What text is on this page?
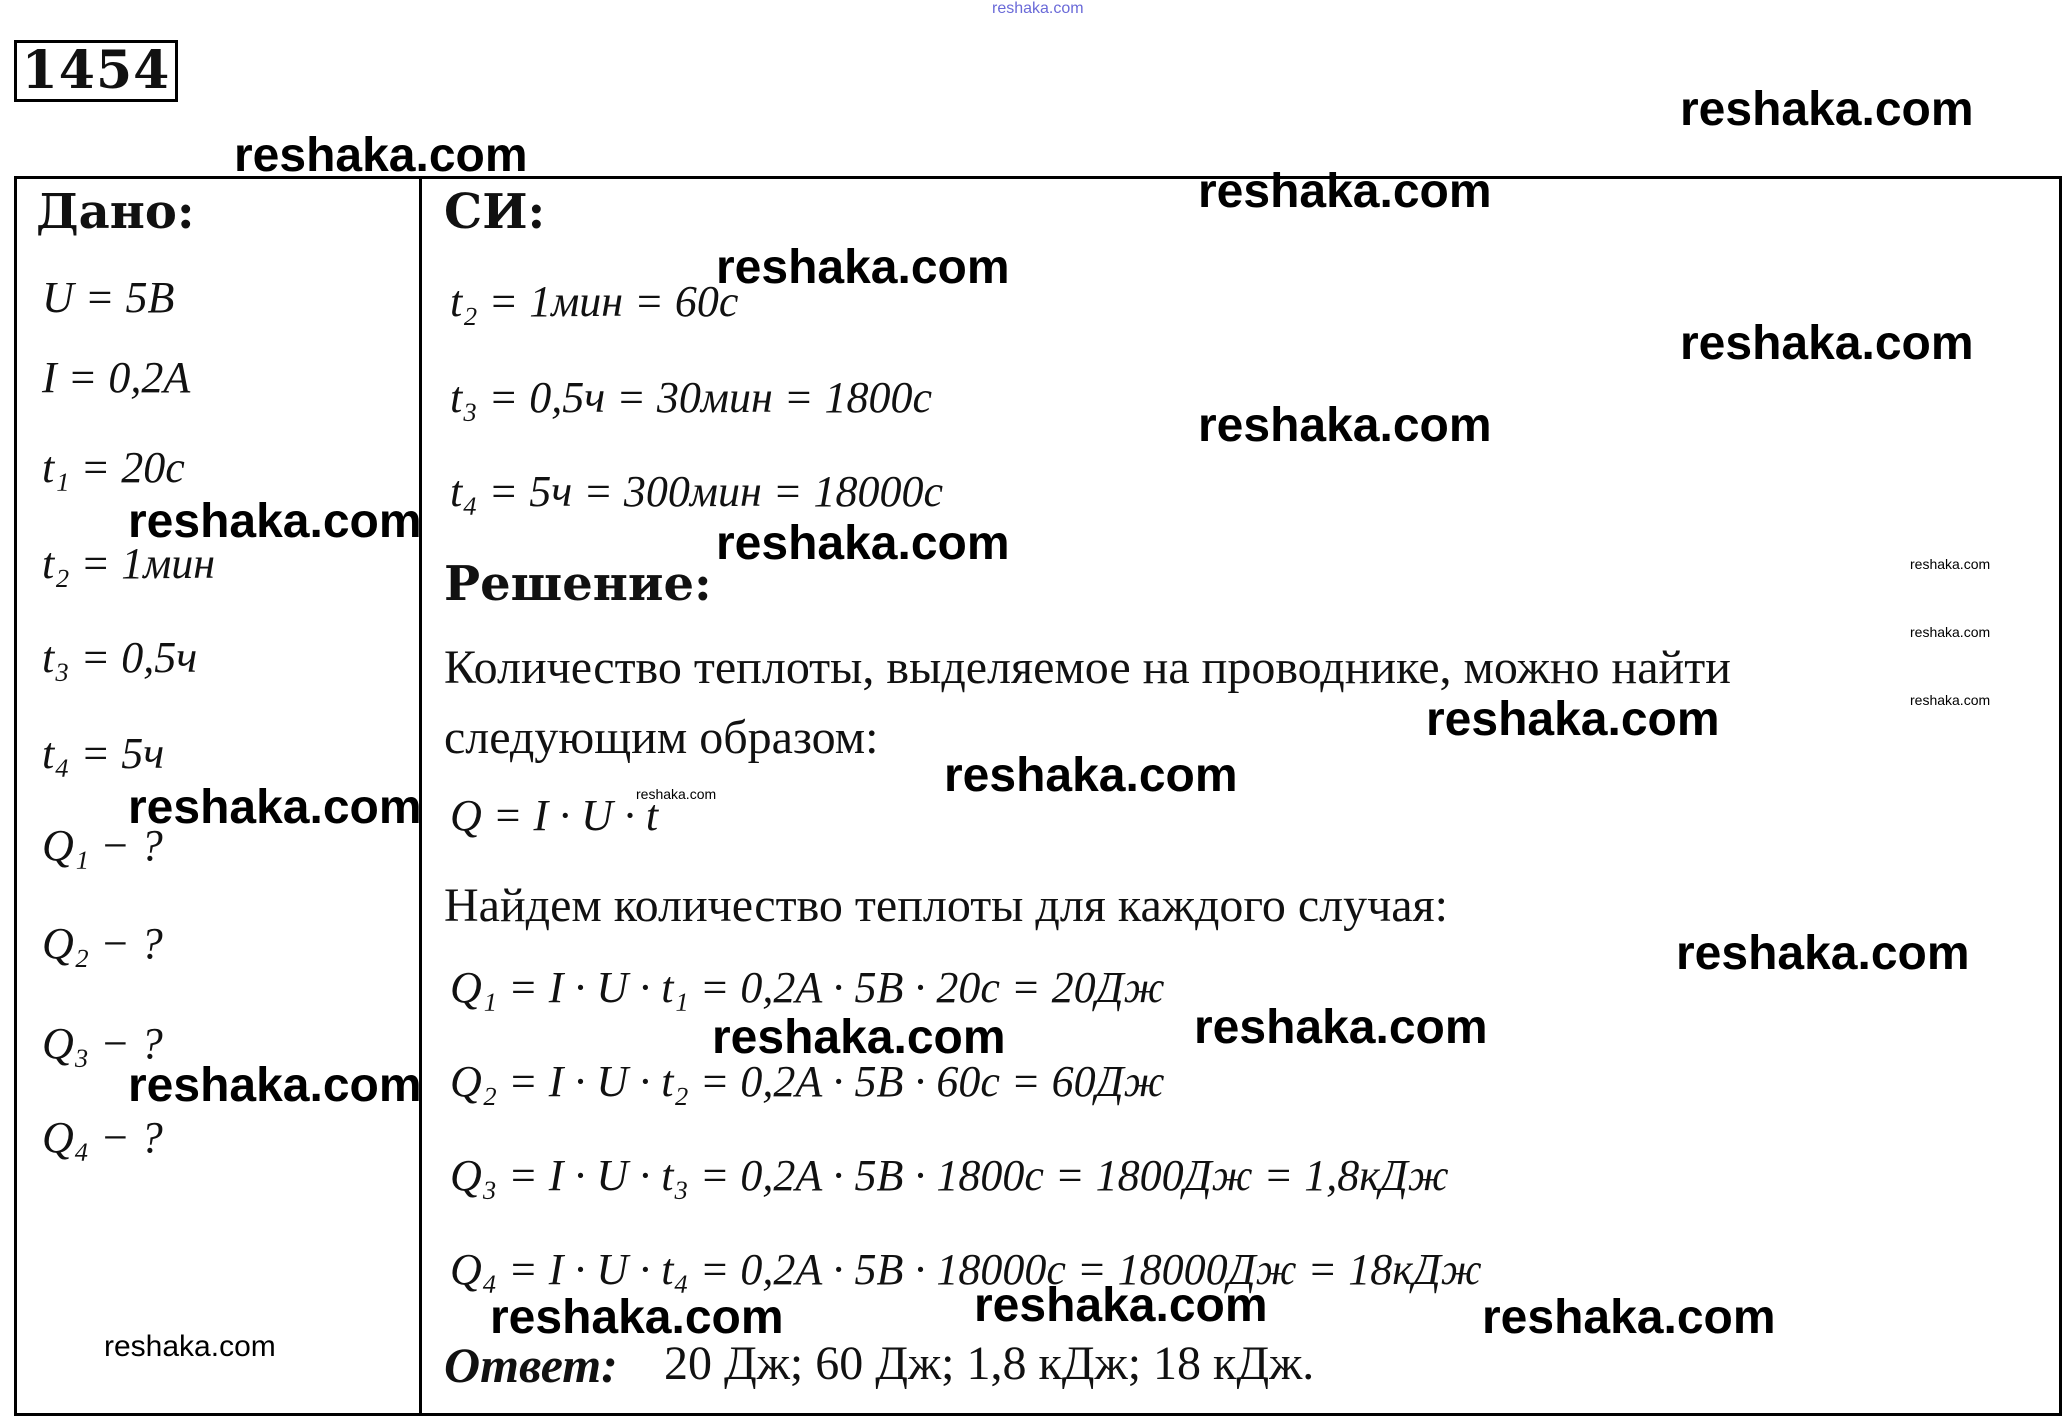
reshaka.com
1454
Дано:
U = 5В
I = 0,2A
t₁ = 20с
t₂ = 1мин
t₃ = 0,5ч
t₄ = 5ч
Q₁ − ?
Q₂ − ?
Q₃ − ?
Q₄ − ?
СИ:
t₂ = 1мин = 60с
t₃ = 0,5ч = 30мин = 1800с
t₄ = 5ч = 300мин = 18000с
Решение:
Количество теплоты, выделяемое на проводнике, можно найти
следующим образом:
Q = I · U · t
Найдем количество теплоты для каждого случая:
Q₁ = I · U · t₁ = 0,2A · 5В · 20с = 20Дж
Q₂ = I · U · t₂ = 0,2A · 5В · 60с = 60Дж
Q₃ = I · U · t₃ = 0,2A · 5В · 1800с = 1800Дж = 1,8кДж
Q₄ = I · U · t₄ = 0,2A · 5В · 18000с = 18000Дж = 18кДж
Ответ: 20 Дж; 60 Дж; 1,8 кДж; 18 кДж.
reshaka.com
reshaka.com
reshaka.com
reshaka.com
reshaka.com
reshaka.com
reshaka.com	reshaka.com	reshaka.com
reshaka.com
reshaka.com
reshaka.com
reshaka.com
reshaka.com
reshaka.com
reshaka.com
reshaka.com
reshaka.com
reshaka.com
reshaka.com
reshaka.com	reshaka.com
reshaka.com
